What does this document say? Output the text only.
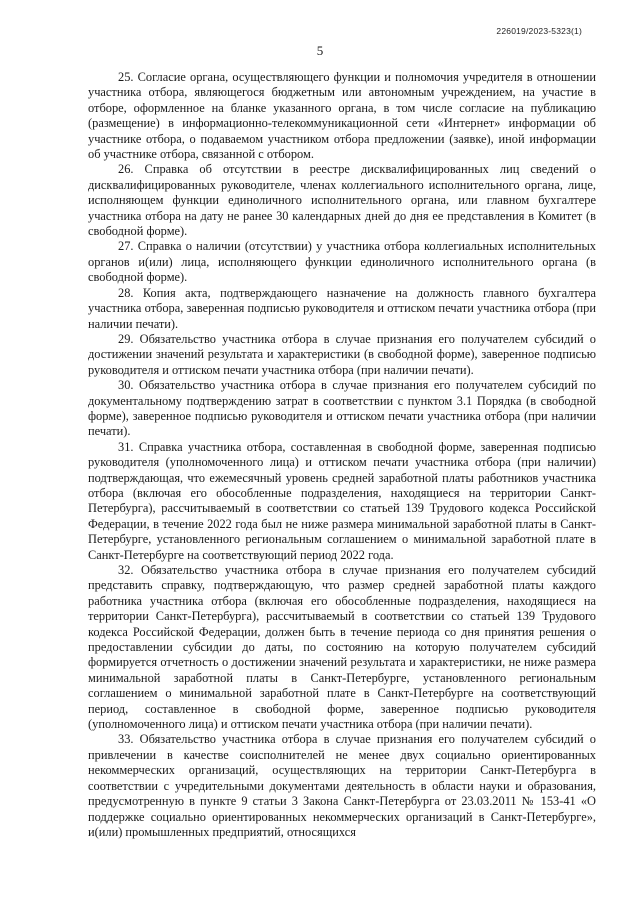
226019/2023-5323(1)
5

25. Согласие органа, осуществляющего функции и полномочия учредителя в отношении участника отбора, являющегося бюджетным или автономным учреждением, на участие в отборе, оформленное на бланке указанного органа, в том числе согласие на публикацию (размещение) в информационно-телекоммуникационной сети «Интернет» информации об участнике отбора, о подаваемом участником отбора предложении (заявке), иной информации об участнике отбора, связанной с отбором.

26. Справка об отсутствии в реестре дисквалифицированных лиц сведений о дисквалифицированных руководителе, членах коллегиального исполнительного органа, лице, исполняющем функции единоличного исполнительного органа, или главном бухгалтере участника отбора на дату не ранее 30 календарных дней до дня ее представления в Комитет (в свободной форме).

27. Справка о наличии (отсутствии) у участника отбора коллегиальных исполнительных органов и(или) лица, исполняющего функции единоличного исполнительного органа (в свободной форме).

28. Копия акта, подтверждающего назначение на должность главного бухгалтера участника отбора, заверенная подписью руководителя и оттиском печати участника отбора (при наличии печати).

29. Обязательство участника отбора в случае признания его получателем субсидий о достижении значений результата и характеристики (в свободной форме), заверенное подписью руководителя и оттиском печати участника отбора (при наличии печати).

30. Обязательство участника отбора в случае признания его получателем субсидий по документальному подтверждению затрат в соответствии с пунктом 3.1 Порядка (в свободной форме), заверенное подписью руководителя и оттиском печати участника отбора (при наличии печати).

31. Справка участника отбора, составленная в свободной форме, заверенная подписью руководителя (уполномоченного лица) и оттиском печати участника отбора (при наличии) подтверждающая, что ежемесячный уровень средней заработной платы работников участника отбора (включая его обособленные подразделения, находящиеся на территории Санкт-Петербурга), рассчитываемый в соответствии со статьей 139 Трудового кодекса Российской Федерации, в течение 2022 года был не ниже размера минимальной заработной платы в Санкт-Петербурге, установленного региональным соглашением о минимальной заработной плате в Санкт-Петербурге на соответствующий период 2022 года.

32. Обязательство участника отбора в случае признания его получателем субсидий представить справку, подтверждающую, что размер средней заработной платы каждого работника участника отбора (включая его обособленные подразделения, находящиеся на территории Санкт-Петербурга), рассчитываемый в соответствии со статьей 139 Трудового кодекса Российской Федерации, должен быть в течение периода со дня принятия решения о предоставлении субсидии до даты, по состоянию на которую получателем субсидий формируется отчетность о достижении значений результата и характеристики, не ниже размера минимальной заработной платы в Санкт-Петербурге, установленного региональным соглашением о минимальной заработной плате в Санкт-Петербурге на соответствующий период, составленное в свободной форме, заверенное подписью руководителя (уполномоченного лица) и оттиском печати участника отбора (при наличии печати).

33. Обязательство участника отбора в случае признания его получателем субсидий о привлечении в качестве соисполнителей не менее двух социально ориентированных некоммерческих организаций, осуществляющих на территории Санкт-Петербурга в соответствии с учредительными документами деятельность в области науки и образования, предусмотренную в пункте 9 статьи 3 Закона Санкт-Петербурга от 23.03.2011 № 153-41 «О поддержке социально ориентированных некоммерческих организаций в Санкт-Петербурге», и(или) промышленных предприятий, относящихся
